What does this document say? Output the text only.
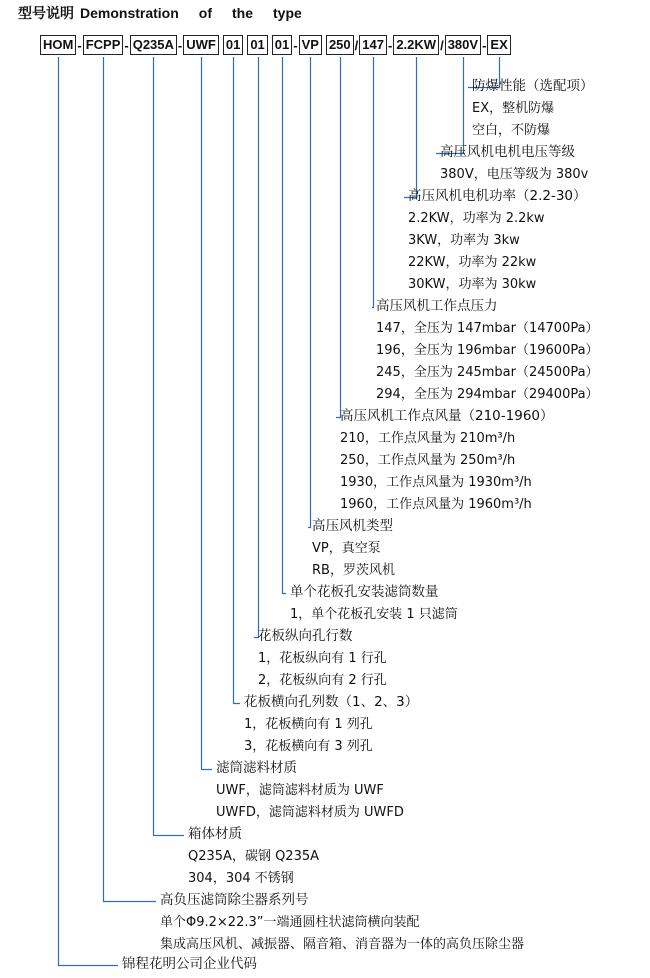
型号说明 Demonstration of the type
HOM - FCPP - Q235A - UWF 01 01 01 - VP 250 / 147 - 2.2KW / 380V - EX
防爆性能（选配项）
EX，整机防爆
空白，不防爆
高压风机电机电压等级
380V，电压等级为 380v
高压风机电机功率（2.2-30）
2.2KW，功率为 2.2kw
3KW，功率为 3kw
22KW，功率为 22kw
30KW，功率为 30kw
高压风机工作点压力
147，全压为 147mbar（14700Pa）
196，全压为 196mbar（19600Pa）
245，全压为 245mbar（24500Pa）
294，全压为 294mbar（29400Pa）
高压风机工作点风量（210-1960）
210，工作点风量为 210m³/h
250，工作点风量为 250m³/h
1930，工作点风量为 1930m³/h
1960，工作点风量为 1960m³/h
高压风机类型
VP，真空泵
RB，罗茨风机
单个花板孔安装滤筒数量
1，单个花板孔安装 1 只滤筒
花板纵向孔行数
1，花板纵向有 1 行孔
2，花板纵向有 2 行孔
花板横向孔列数（1、2、3）
1，花板横向有 1 列孔
3，花板横向有 3 列孔
滤筒滤料材质
UWF，滤筒滤料材质为 UWF
UWFD，滤筒滤料材质为 UWFD
箱体材质
Q235A，碳钢 Q235A
304，304 不锈钢
高负压滤筒除尘器系列号
单个Φ9.2×22.3”一端通圆柱状滤筒横向装配
集成高压风机、减振器、隔音箱、消音器为一体的高负压除尘器
锦程花明公司企业代码
